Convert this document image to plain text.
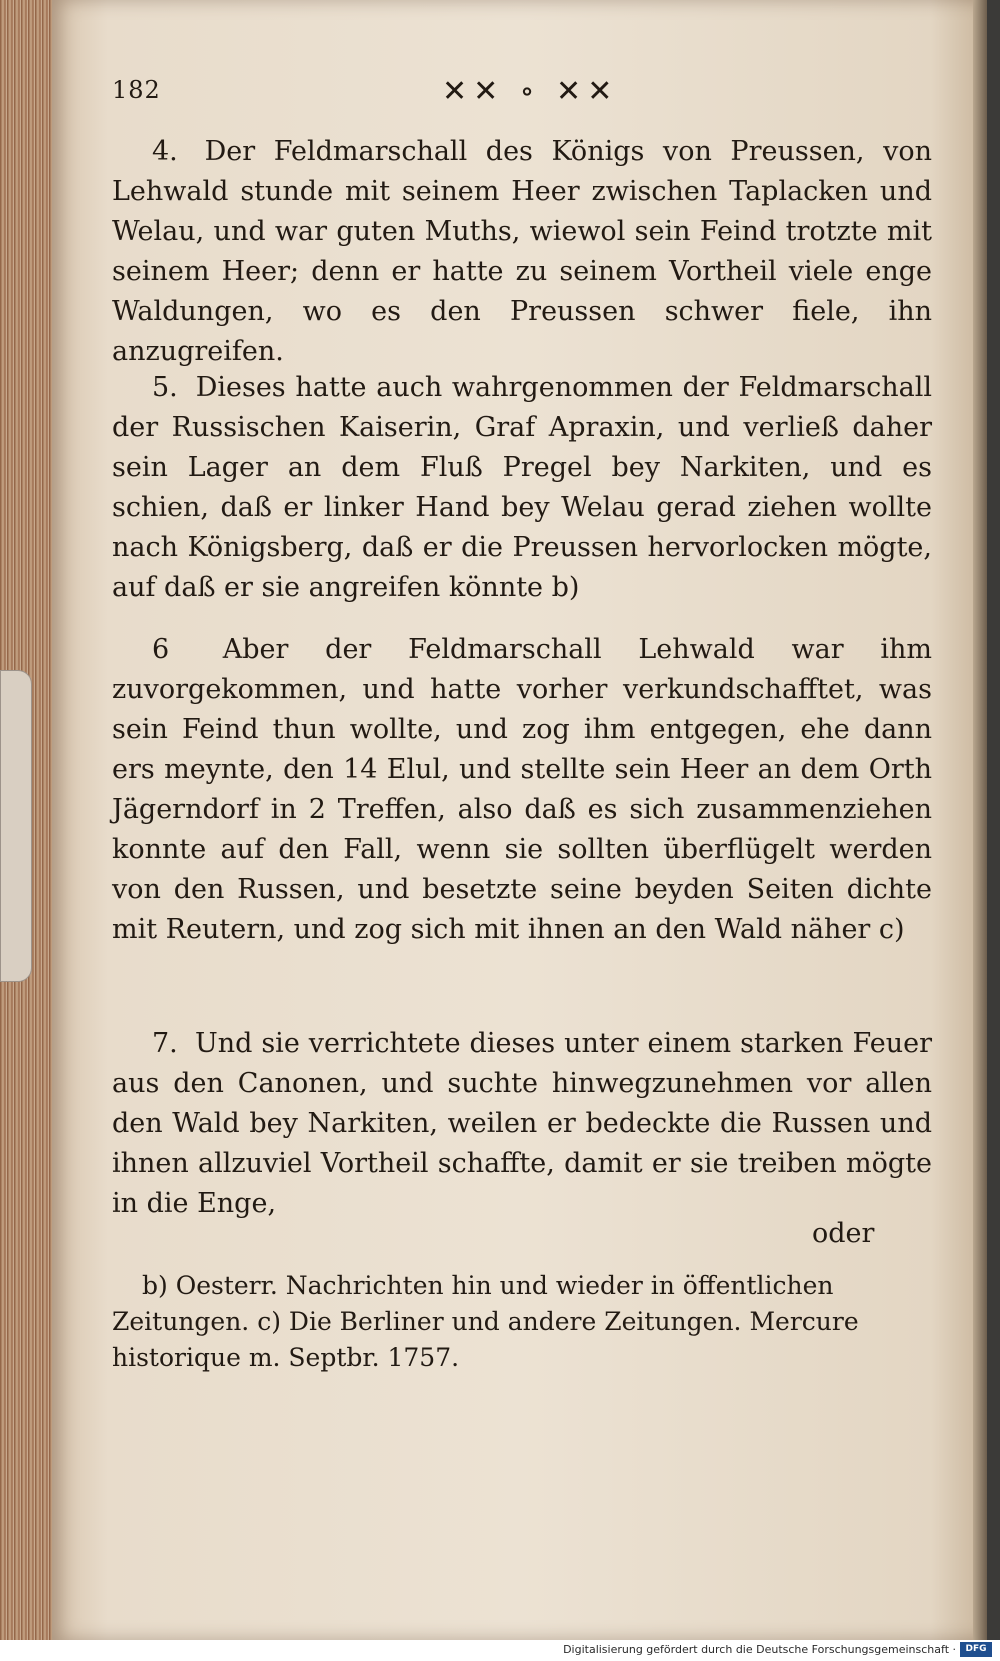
182	✕✕ ∘ ✕✕
4. Der Feldmarschall des Königs von Preussen, von Lehwald stunde mit seinem Heer zwischen Taplacken und Welau, und war guten Muths, wiewol sein Feind trotzte mit seinem Heer; denn er hatte zu seinem Vortheil viele enge Waldungen, wo es den Preussen schwer fiele, ihn anzugreifen.
5. Dieses hatte auch wahrgenommen der Feldmarschall der Russischen Kaiserin, Graf Apraxin, und verließ daher sein Lager an dem Fluß Pregel bey Narkiten, und es schien, daß er linker Hand bey Welau gerad ziehen wollte nach Königsberg, daß er die Preussen hervorlocken mögte, auf daß er sie angreifen könnte b)
6 Aber der Feldmarschall Lehwald war ihm zuvorgekommen, und hatte vorher verkundschafftet, was sein Feind thun wollte, und zog ihm entgegen, ehe dann ers meynte, den 14 Elul, und stellte sein Heer an dem Orth Jägerndorf in 2 Treffen, also daß es sich zusammenziehen konnte auf den Fall, wenn sie sollten überflügelt werden von den Russen, und besetzte seine beyden Seiten dichte mit Reutern, und zog sich mit ihnen an den Wald näher c)
7. Und sie verrichtete dieses unter einem starken Feuer aus den Canonen, und suchte hinwegzunehmen vor allen den Wald bey Narkiten, weilen er bedeckte die Russen und ihnen allzuviel Vortheil schaffte, damit er sie treiben mögte in die Enge,
oder
b) Oesterr. Nachrichten hin und wieder in öffentlichen Zeitungen. c) Die Berliner und andere Zeitungen. Mercure historique m. Septbr. 1757.
Digitalisierung gefördert durch die Deutsche Forschungsgemeinschaft ·	DFG
